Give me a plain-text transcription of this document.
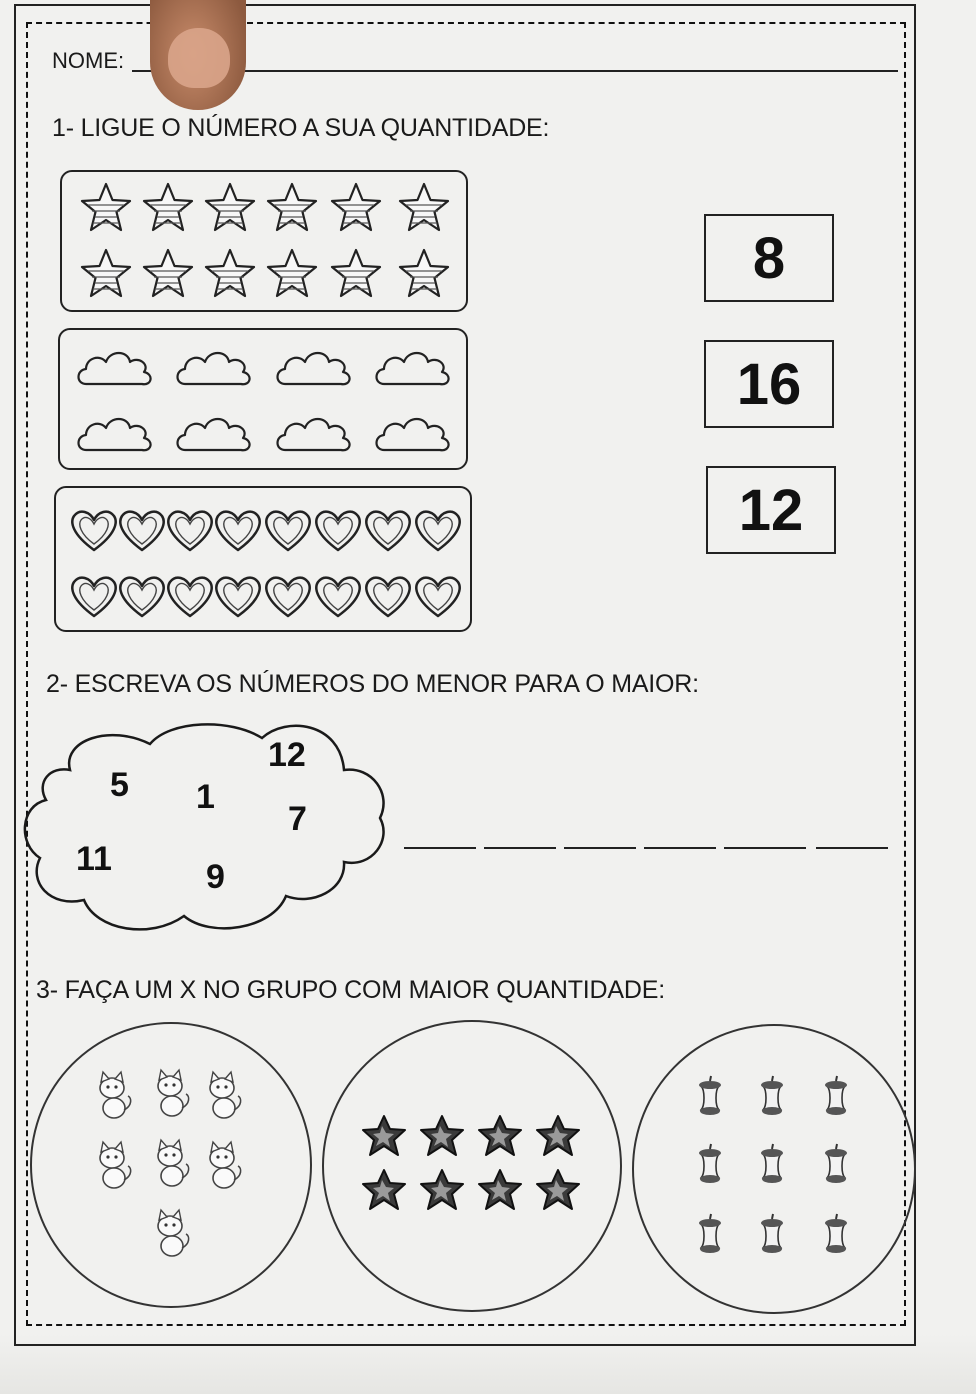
NOME:
1- LIGUE O NÚMERO A SUA QUANTIDADE:
8
16
12
2- ESCREVA OS NÚMEROS DO MENOR PARA O MAIOR:
3- FAÇA UM X NO GRUPO COM MAIOR QUANTIDADE:
12
5 1
7
11	9
